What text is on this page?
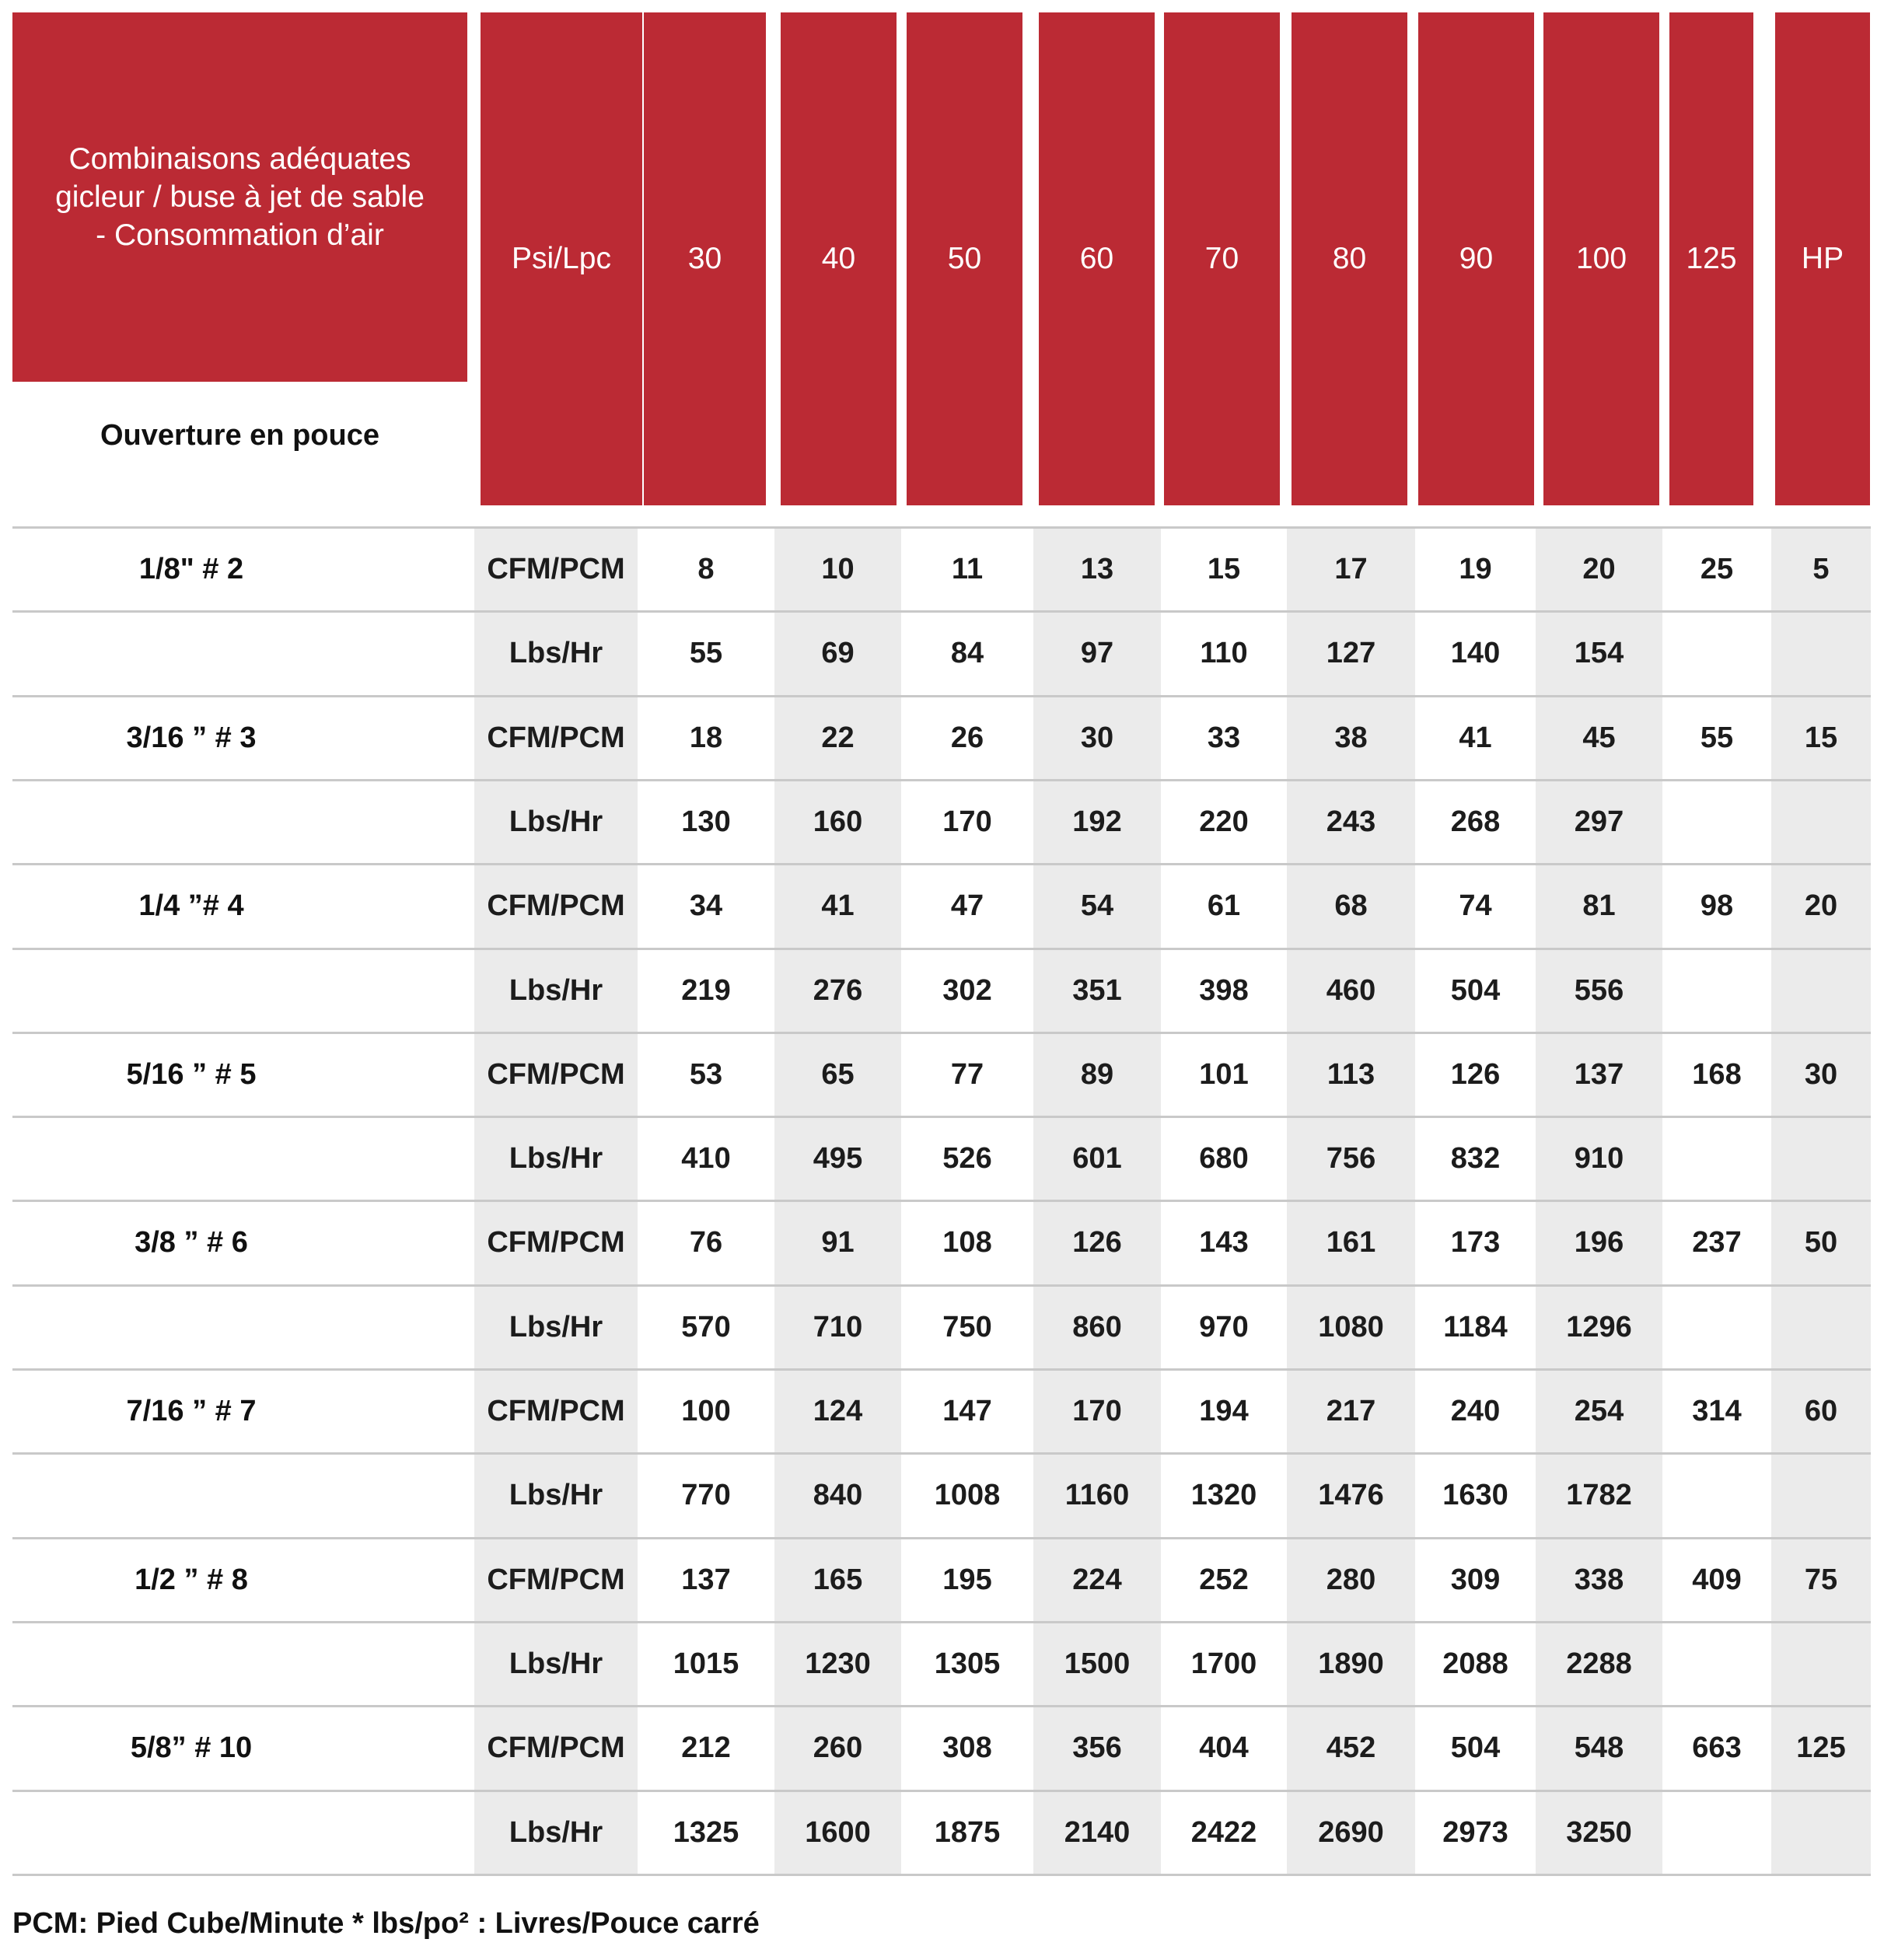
Combinaisons adéquates gicleur / buse à jet de sable - Consommation d’air
Ouverture en pouce
Psi/Lpc	30	40	50	60	70	80	90	100	125	HP
1/8" # 2	CFM/PCM	8	10	11	13	15	17	19	20	25	5
Lbs/Hr	55	69	84	97	110	127	140	154
3/16 ” # 3	CFM/PCM	18	22	26	30	33	38	41	45	55	15
Lbs/Hr	130	160	170	192	220	243	268	297
1/4 ”# 4	CFM/PCM	34	41	47	54	61	68	74	81	98	20
Lbs/Hr	219	276	302	351	398	460	504	556
5/16 ” # 5	CFM/PCM	53	65	77	89	101	113	126	137	168	30
Lbs/Hr	410	495	526	601	680	756	832	910
3/8 ” # 6	CFM/PCM	76	91	108	126	143	161	173	196	237	50
Lbs/Hr	570	710	750	860	970	1080	1184	1296
7/16 ” # 7	CFM/PCM	100	124	147	170	194	217	240	254	314	60
Lbs/Hr	770	840	1008	1160	1320	1476	1630	1782
1/2 ” # 8	CFM/PCM	137	165	195	224	252	280	309	338	409	75
Lbs/Hr	1015	1230	1305	1500	1700	1890	2088	2288
5/8” # 10	CFM/PCM	212	260	308	356	404	452	504	548	663	125
Lbs/Hr	1325	1600	1875	2140	2422	2690	2973	3250
PCM: Pied Cube/Minute * lbs/po² : Livres/Pouce carré
